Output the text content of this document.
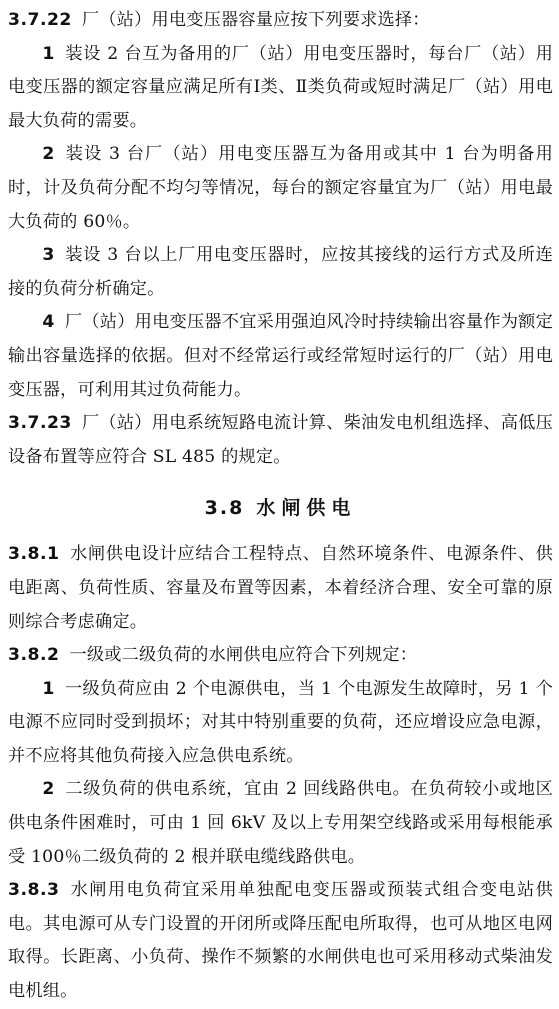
3.7.22 厂（站）用电变压器容量应按下列要求选择：

1 装设 2 台互为备用的厂（站）用电变压器时，每台厂（站）用电变压器的额定容量应满足所有Ⅰ类、Ⅱ类负荷或短时满足厂（站）用电最大负荷的需要。

2 装设 3 台厂（站）用电变压器互为备用或其中 1 台为明备用时，计及负荷分配不均匀等情况，每台的额定容量宜为厂（站）用电最大负荷的 60％。

3 装设 3 台以上厂用电变压器时，应按其接线的运行方式及所连接的负荷分析确定。

4 厂（站）用电变压器不宜采用强迫风冷时持续输出容量作为额定输出容量选择的依据。但对不经常运行或经常短时运行的厂（站）用电变压器，可利用其过负荷能力。

3.7.23 厂（站）用电系统短路电流计算、柴油发电机组选择、高低压设备布置等应符合 SL 485 的规定。

3.8 水闸供电

3.8.1 水闸供电设计应结合工程特点、自然环境条件、电源条件、供电距离、负荷性质、容量及布置等因素，本着经济合理、安全可靠的原则综合考虑确定。

3.8.2 一级或二级负荷的水闸供电应符合下列规定：

1 一级负荷应由 2 个电源供电，当 1 个电源发生故障时，另 1 个电源不应同时受到损坏；对其中特别重要的负荷，还应增设应急电源，并不应将其他负荷接入应急供电系统。

2 二级负荷的供电系统，宜由 2 回线路供电。在负荷较小或地区供电条件困难时，可由 1 回 6kV 及以上专用架空线路或采用每根能承受 100％二级负荷的 2 根并联电缆线路供电。

3.8.3 水闸用电负荷宜采用单独配电变压器或预装式组合变电站供电。其电源可从专门设置的开闭所或降压配电所取得，也可从地区电网取得。长距离、小负荷、操作不频繁的水闸供电也可采用移动式柴油发电机组。
